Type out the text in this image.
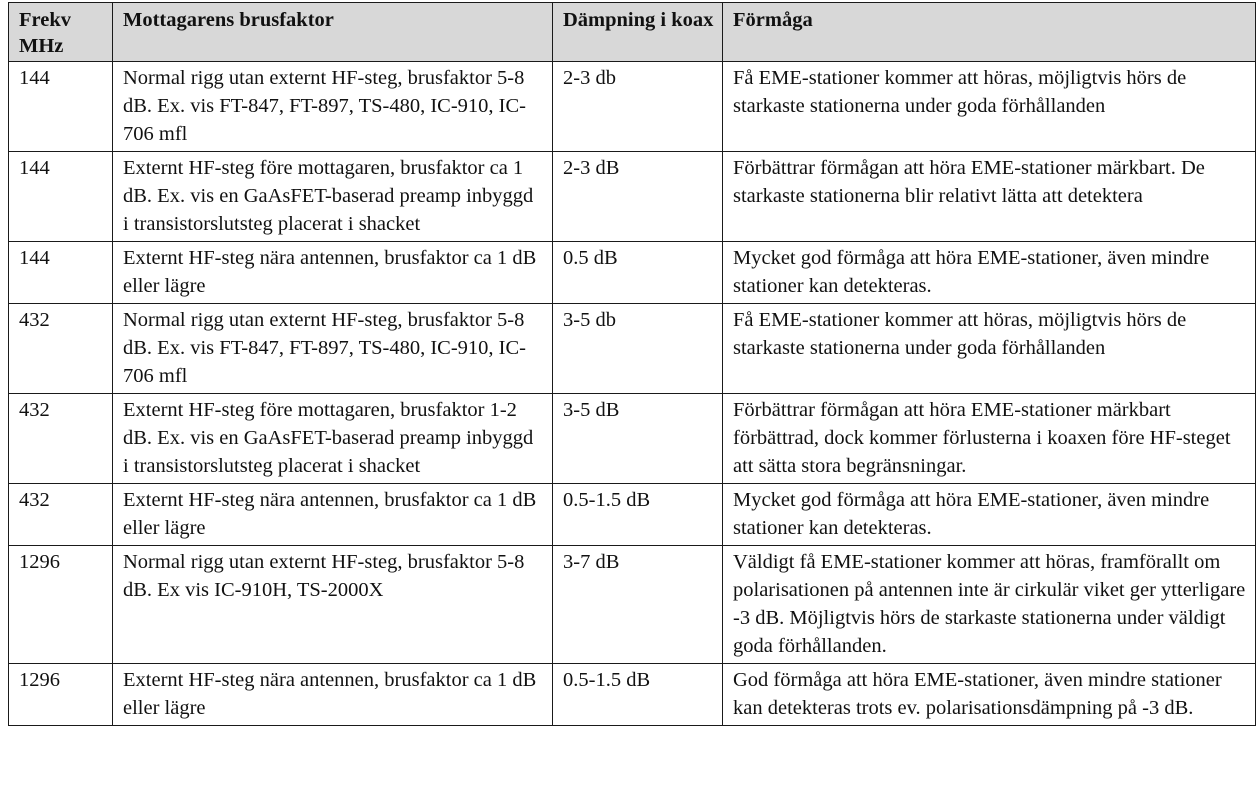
Frekv MHz	Mottagarens brusfaktor	Dämpning i koax	Förmåga
144	Normal rigg utan externt HF-steg, brusfaktor 5-8 dB. Ex. vis FT-847, FT-897, TS-480, IC-910, IC-706 mfl	2-3 db	Få EME-stationer kommer att höras, möjligtvis hörs de starkaste stationerna under goda förhållanden
144	Externt HF-steg före mottagaren, brusfaktor ca 1 dB. Ex. vis en GaAsFET-baserad preamp inbyggd i transistorslutsteg placerat i shacket	2-3 dB	Förbättrar förmågan att höra EME-stationer märkbart. De starkaste stationerna blir relativt lätta att detektera
144	Externt HF-steg nära antennen, brusfaktor ca 1 dB eller lägre	0.5 dB	Mycket god förmåga att höra EME-stationer, även mindre stationer kan detekteras.
432	Normal rigg utan externt HF-steg, brusfaktor 5-8 dB. Ex. vis FT-847, FT-897, TS-480, IC-910, IC-706 mfl	3-5 db	Få EME-stationer kommer att höras, möjligtvis hörs de starkaste stationerna under goda förhållanden
432	Externt HF-steg före mottagaren, brusfaktor 1-2 dB. Ex. vis en GaAsFET-baserad preamp inbyggd i transistorslutsteg placerat i shacket	3-5 dB	Förbättrar förmågan att höra EME-stationer märkbart förbättrad, dock kommer förlusterna i koaxen före HF-steget att sätta stora begränsningar.
432	Externt HF-steg nära antennen, brusfaktor ca 1 dB eller lägre	0.5-1.5 dB	Mycket god förmåga att höra EME-stationer, även mindre stationer kan detekteras.
1296	Normal rigg utan externt HF-steg, brusfaktor 5-8 dB. Ex vis IC-910H, TS-2000X	3-7 dB	Väldigt få EME-stationer kommer att höras, framförallt om polarisationen på antennen inte är cirkulär viket ger ytterligare -3 dB. Möjligtvis hörs de starkaste stationerna under väldigt goda förhållanden.
1296	Externt HF-steg nära antennen, brusfaktor ca 1 dB eller lägre	0.5-1.5 dB	God förmåga att höra EME-stationer, även mindre stationer kan detekteras trots ev. polarisationsdämpning på -3 dB.
